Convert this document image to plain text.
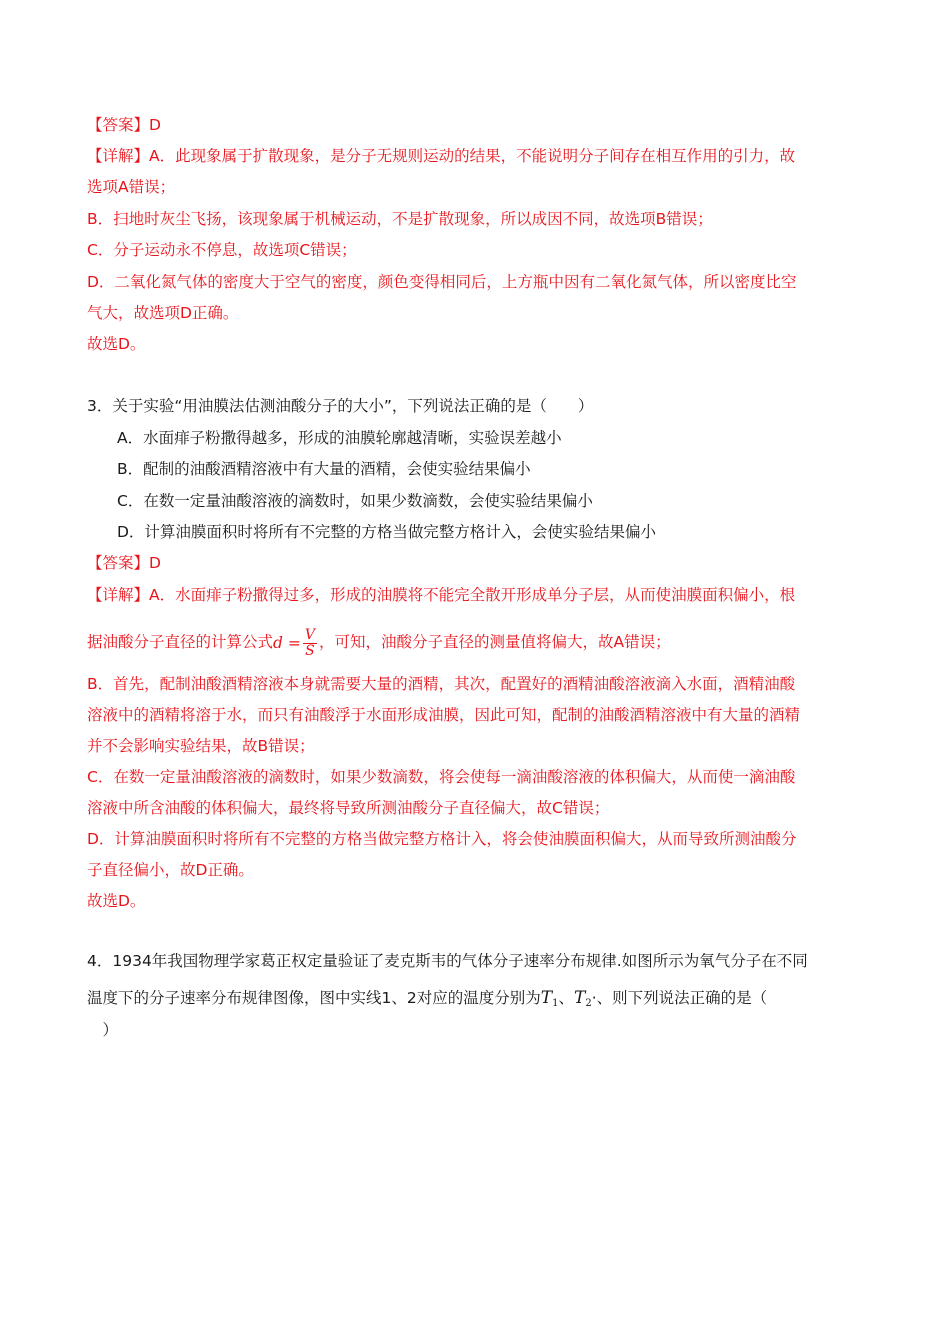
【答案】D
【详解】A．此现象属于扩散现象，是分子无规则运动的结果，不能说明分子间存在相互作用的引力，故
选项A错误；
B．扫地时灰尘飞扬，该现象属于机械运动，不是扩散现象，所以成因不同，故选项B错误；
C．分子运动永不停息，故选项C错误；
D．二氧化氮气体的密度大于空气的密度，颜色变得相同后，上方瓶中因有二氧化氮气体，所以密度比空
气大，故选项D正确。
故选D。
3．关于实验“用油膜法估测油酸分子的大小”，下列说法正确的是（　　）
A．水面痱子粉撒得越多，形成的油膜轮廓越清晰，实验误差越小
B．配制的油酸酒精溶液中有大量的酒精，会使实验结果偏小
C．在数一定量油酸溶液的滴数时，如果少数滴数，会使实验结果偏小
D．计算油膜面积时将所有不完整的方格当做完整方格计入，会使实验结果偏小
【答案】D
【详解】A．水面痱子粉撒得过多，形成的油膜将不能完全散开形成单分子层，从而使油膜面积偏小，根
据油酸分子直径的计算公式$d = \frac{V}{S}$ ，可知，油酸分子直径的测量值将偏大，故A错误；
B．首先，配制油酸酒精溶液本身就需要大量的酒精，其次，配置好的酒精油酸溶液滴入水面，酒精油酸
溶液中的酒精将溶于水，而只有油酸浮于水面形成油膜，因此可知，配制的油酸酒精溶液中有大量的酒精
并不会影响实验结果，故B错误；
C．在数一定量油酸溶液的滴数时，如果少数滴数，将会使每一滴油酸溶液的体积偏大，从而使一滴油酸
溶液中所含油酸的体积偏大，最终将导致所测油酸分子直径偏大，故C错误；
D．计算油膜面积时将所有不完整的方格当做完整方格计入，将会使油膜面积偏大，从而导致所测油酸分
子直径偏小，故D正确。
故选D。
4．1934年我国物理学家葛正权定量验证了麦克斯韦的气体分子速率分布规律.如图所示为氧气分子在不同
温度下的分子速率分布规律图像，图中实线1、2对应的温度分别为$T_1$、$T_2\cdot$、则下列说法正确的是（
　）
